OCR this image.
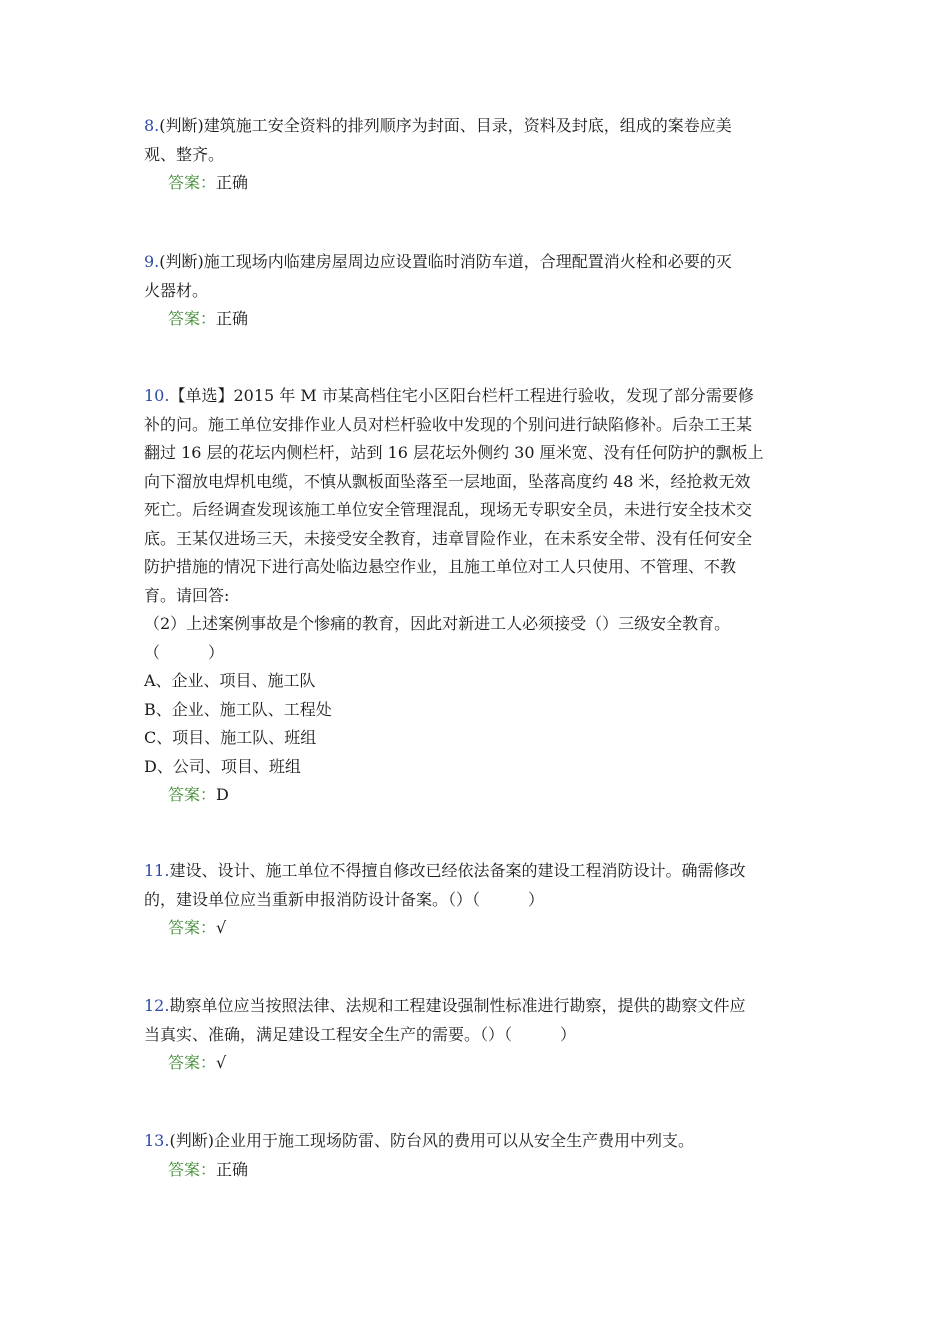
8.(判断)建筑施工安全资料的排列顺序为封面、目录，资料及封底，组成的案卷应美
观、整齐。
答案：正确
9.(判断)施工现场内临建房屋周边应设置临时消防车道，合理配置消火栓和必要的灭
火器材。
答案：正确
10.【单选】2015 年 M 市某高档住宅小区阳台栏杆工程进行验收，发现了部分需要修
补的问。施工单位安排作业人员对栏杆验收中发现的个别问进行缺陷修补。后杂工王某
翻过 16 层的花坛内侧栏杆，站到 16 层花坛外侧约 30 厘米宽、没有任何防护的飘板上
向下溜放电焊机电缆，不慎从飘板面坠落至一层地面，坠落高度约 48 米，经抢救无效
死亡。后经调查发现该施工单位安全管理混乱，现场无专职安全员，未进行安全技术交
底。王某仅进场三天，未接受安全教育，违章冒险作业，在未系安全带、没有任何安全
防护措施的情况下进行高处临边悬空作业，且施工单位对工人只使用、不管理、不教
育。请回答:
（2）上述案例事故是个惨痛的教育，因此对新进工人必须接受（）三级安全教育。
（　　　）
A、企业、项目、施工队
B、企业、施工队、工程处
C、项目、施工队、班组
D、公司、项目、班组
答案：D
11.建设、设计、施工单位不得擅自修改已经依法备案的建设工程消防设计。确需修改
的，建设单位应当重新申报消防设计备案。（）（　　　）
答案：√
12.勘察单位应当按照法律、法规和工程建设强制性标准进行勘察，提供的勘察文件应
当真实、准确，满足建设工程安全生产的需要。（）（　　　）
答案：√
13.(判断)企业用于施工现场防雷、防台风的费用可以从安全生产费用中列支。
答案：正确
